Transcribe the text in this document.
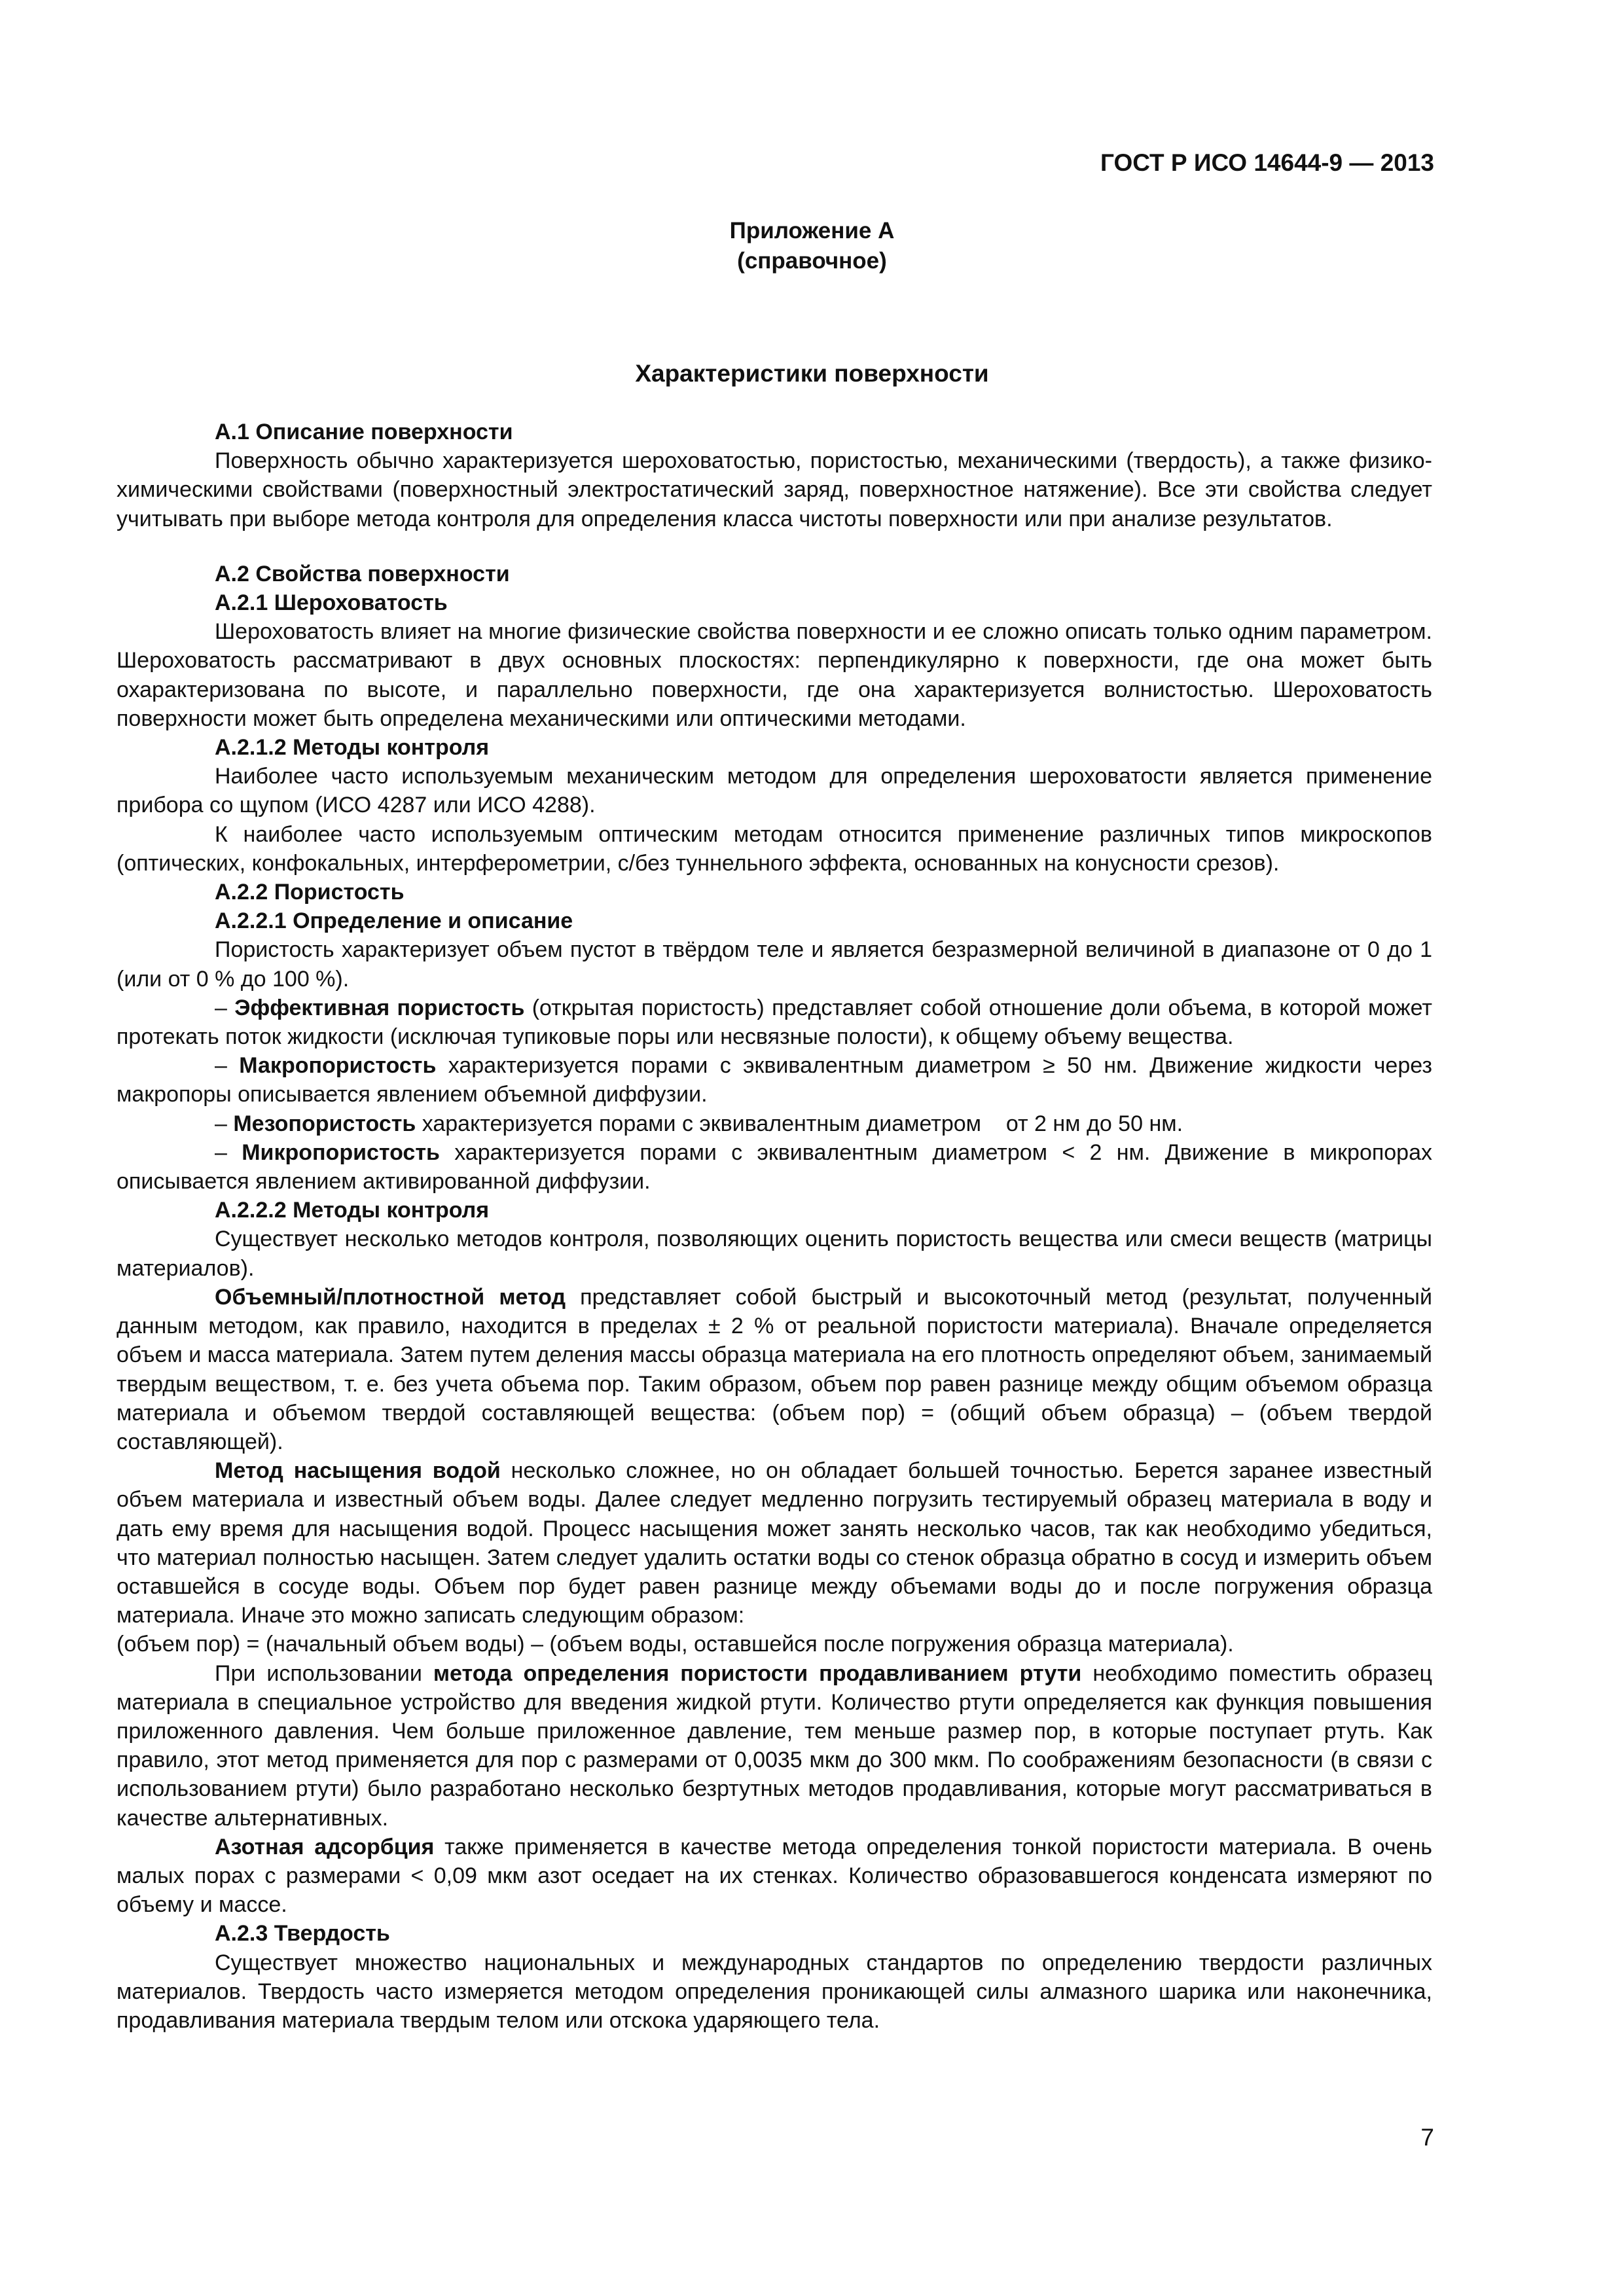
ГОСТ Р ИСО 14644-9 — 2013
Приложение А
(справочное)
Характеристики поверхности

А.1 Описание поверхности

Поверхность обычно характеризуется шероховатостью, пористостью, механическими (твердость), а также физико-химическими свойствами (поверхностный электростатический заряд, поверхностное натяжение). Все эти свойства следует учитывать при выборе метода контроля для определения класса чистоты поверхности или при анализе результатов.

А.2 Свойства поверхности

А.2.1 Шероховатость

Шероховатость влияет на многие физические свойства поверхности и ее сложно описать только одним параметром. Шероховатость рассматривают в двух основных плоскостях: перпендикулярно к поверхности, где она может быть охарактеризована по высоте, и параллельно поверхности, где она характеризуется волнистостью. Шероховатость поверхности может быть определена механическими или оптическими методами.

А.2.1.2 Методы контроля

Наиболее часто используемым механическим методом для определения шероховатости является применение прибора со щупом (ИСО 4287 или ИСО 4288).

К наиболее часто используемым оптическим методам относится применение различных типов микроскопов (оптических, конфокальных, интерферометрии, с/без туннельного эффекта, основанных на конусности срезов).

А.2.2 Пористость

А.2.2.1 Определение и описание

Пористость характеризует объем пустот в твёрдом теле и является безразмерной величиной в диапазоне от 0 до 1 (или от 0 % до 100 %).

– Эффективная пористость (открытая пористость) представляет собой отношение доли объема, в которой может протекать поток жидкости (исключая тупиковые поры или несвязные полости), к общему объему вещества.

– Макропористость характеризуется порами с эквивалентным диаметром ≥ 50 нм. Движение жидкости через макропоры описывается явлением объемной диффузии.

– Мезопористость характеризуется порами с эквивалентным диаметром    от 2 нм до 50 нм.

– Микропористость характеризуется порами с эквивалентным диаметром < 2 нм. Движение в микропорах описывается явлением активированной диффузии.

А.2.2.2 Методы контроля

Существует несколько методов контроля, позволяющих оценить пористость вещества или смеси веществ (матрицы материалов).

Объемный/плотностной метод представляет собой быстрый и высокоточный метод (результат, полученный данным методом, как правило, находится в пределах ± 2 % от реальной пористости материала). Вначале определяется объем и масса материала. Затем путем деления массы образца материала на его плотность определяют объем, занимаемый твердым веществом, т. е. без учета объема пор. Таким образом, объем пор равен разнице между общим объемом образца материала и объемом твердой составляющей вещества: (объем пор) = (общий объем образца) – (объем твердой составляющей).

Метод насыщения водой несколько сложнее, но он обладает большей точностью. Берется заранее известный объем материала и известный объем воды. Далее следует медленно погрузить тестируемый образец материала в воду и дать ему время для насыщения водой. Процесс насыщения может занять несколько часов, так как необходимо убедиться, что материал полностью насыщен. Затем следует удалить остатки воды со стенок образца обратно в сосуд и измерить объем оставшейся в сосуде воды. Объем пор будет равен разнице между объемами воды до и после погружения образца материала. Иначе это можно записать следующим образом:

(объем пор) = (начальный объем воды) – (объем воды, оставшейся после погружения образца материала).

При использовании метода определения пористости продавливанием ртути необходимо поместить образец материала в специальное устройство для введения жидкой ртути. Количество ртути определяется как функция повышения приложенного давления. Чем больше приложенное давление, тем меньше размер пор, в которые поступает ртуть. Как правило, этот метод применяется для пор с размерами от 0,0035 мкм до 300 мкм. По соображениям безопасности (в связи с использованием ртути) было разработано несколько безртутных методов продавливания, которые могут рассматриваться в качестве альтернативных.

Азотная адсорбция также применяется в качестве метода определения тонкой пористости материала. В очень малых порах с размерами < 0,09 мкм азот оседает на их стенках. Количество образовавшегося конденсата измеряют по объему и массе.

А.2.3 Твердость

Существует множество национальных и международных стандартов по определению твердости различных материалов. Твердость часто измеряется методом определения проникающей силы алмазного шарика или наконечника, продавливания материала твердым телом или отскока ударяющего тела.

7
